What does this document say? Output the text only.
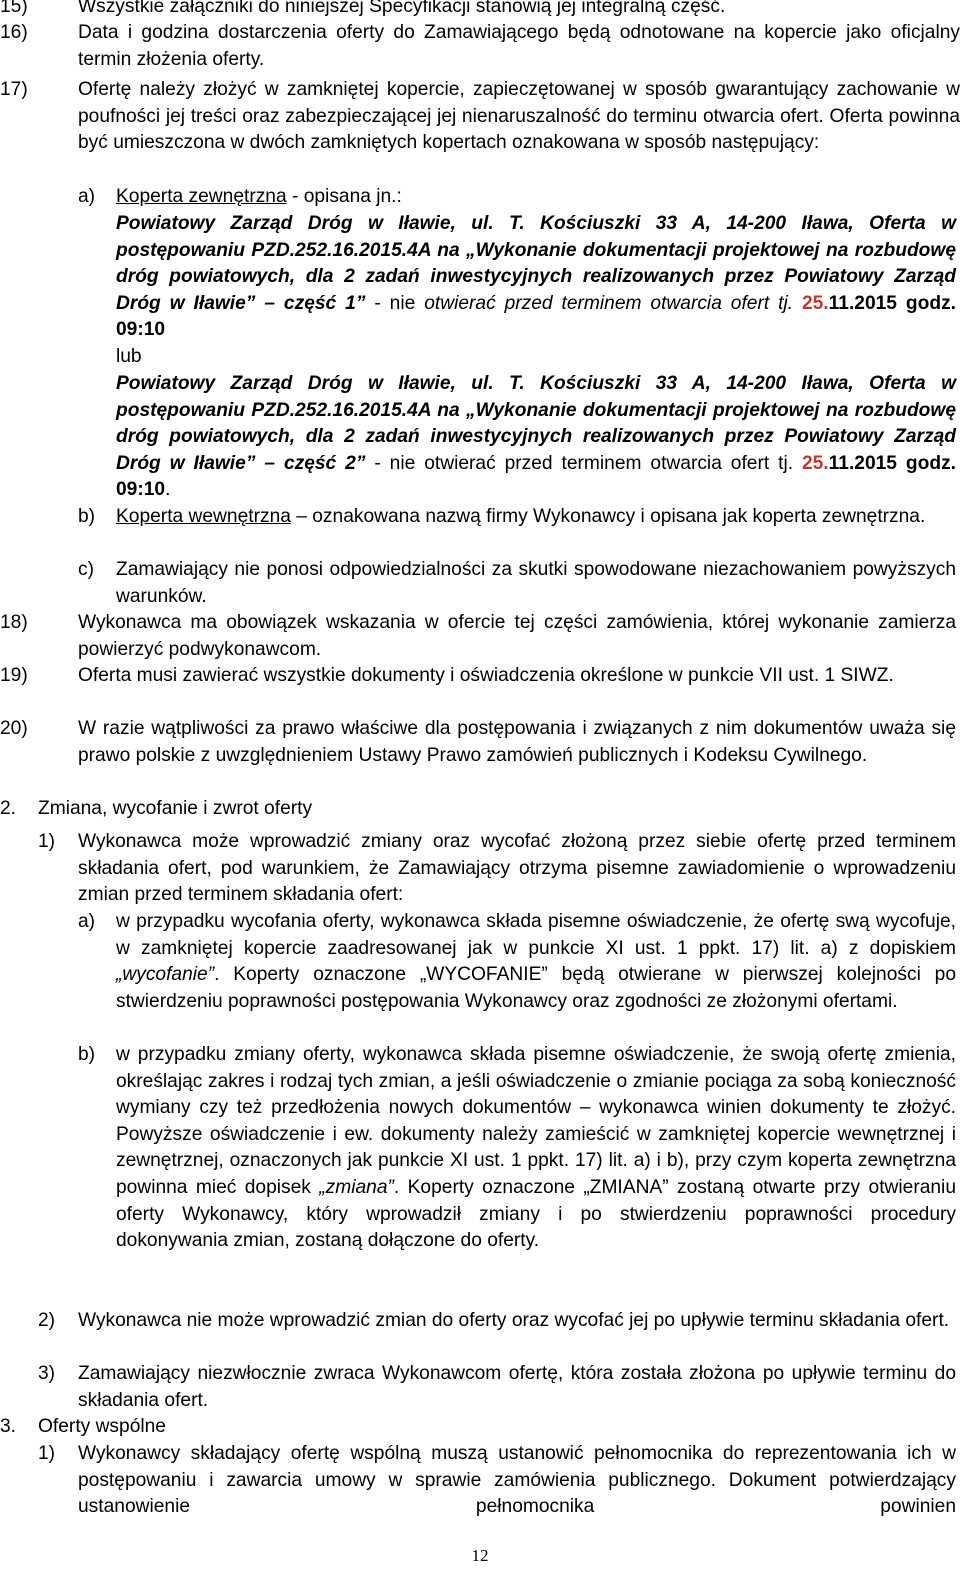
15)	Wszystkie załączniki do niniejszej Specyfikacji stanowią jej integralną część.
16)	Data i godzina dostarczenia oferty do Zamawiającego będą odnotowane na kopercie jako oficjalny termin złożenia oferty.
17)	Ofertę należy złożyć w zamkniętej kopercie, zapieczętowanej w sposób gwarantujący zachowanie w poufności jej treści oraz zabezpieczającej jej nienaruszalność do terminu otwarcia ofert. Oferta powinna być umieszczona w dwóch zamkniętych kopertach oznakowana w sposób następujący:
a)	Koperta zewnętrzna - opisana jn.:
Powiatowy Zarząd Dróg w Iławie, ul. T. Kościuszki 33 A, 14-200 Iława, Oferta w postępowaniu PZD.252.16.2015.4A na „Wykonanie dokumentacji projektowej na rozbudowę dróg powiatowych, dla 2 zadań inwestycyjnych realizowanych przez Powiatowy Zarząd Dróg w Iławie” – część 1” - nie otwierać przed terminem otwarcia ofert tj. 25.11.2015 godz. 09:10
lub
Powiatowy Zarząd Dróg w Iławie, ul. T. Kościuszki 33 A, 14-200 Iława, Oferta w postępowaniu PZD.252.16.2015.4A na „Wykonanie dokumentacji projektowej na rozbudowę dróg powiatowych, dla 2 zadań inwestycyjnych realizowanych przez Powiatowy Zarząd Dróg w Iławie” – część 2” - nie otwierać przed terminem otwarcia ofert tj. 25.11.2015 godz. 09:10.
b)	Koperta wewnętrzna – oznakowana nazwą firmy Wykonawcy i opisana jak koperta zewnętrzna.
c)	Zamawiający nie ponosi odpowiedzialności za skutki spowodowane niezachowaniem powyższych warunków.
18)	Wykonawca ma obowiązek wskazania w ofercie tej części zamówienia, której wykonanie zamierza powierzyć podwykonawcom.
19)	Oferta musi zawierać wszystkie dokumenty i oświadczenia określone w punkcie VII ust. 1 SIWZ.
20)	W razie wątpliwości za prawo właściwe dla postępowania i związanych z nim dokumentów uważa się prawo polskie z uwzględnieniem Ustawy Prawo zamówień publicznych i Kodeksu Cywilnego.
2.	Zmiana, wycofanie i zwrot oferty
1)	Wykonawca może wprowadzić zmiany oraz wycofać złożoną przez siebie ofertę przed terminem składania ofert, pod warunkiem, że Zamawiający otrzyma pisemne zawiadomienie o wprowadzeniu zmian przed terminem składania ofert:
a)	w przypadku wycofania oferty, wykonawca składa pisemne oświadczenie, że ofertę swą wycofuje, w zamkniętej kopercie zaadresowanej jak w punkcie XI ust. 1 ppkt. 17) lit. a) z dopiskiem „wycofanie”. Koperty oznaczone „WYCOFANIE” będą otwierane w pierwszej kolejności po stwierdzeniu poprawności postępowania Wykonawcy oraz zgodności ze złożonymi ofertami.
b)	w przypadku zmiany oferty, wykonawca składa pisemne oświadczenie, że swoją ofertę zmienia, określając zakres i rodzaj tych zmian, a jeśli oświadczenie o zmianie pociąga za sobą konieczność wymiany czy też przedłożenia nowych dokumentów – wykonawca winien dokumenty te złożyć. Powyższe oświadczenie i ew. dokumenty należy zamieścić w zamkniętej kopercie wewnętrznej i zewnętrznej, oznaczonych jak punkcie XI ust. 1 ppkt. 17) lit. a) i b), przy czym koperta zewnętrzna powinna mieć dopisek „zmiana”. Koperty oznaczone „ZMIANA” zostaną otwarte przy otwieraniu oferty Wykonawcy, który wprowadził zmiany i po stwierdzeniu poprawności procedury dokonywania zmian, zostaną dołączone do oferty.
2)	Wykonawca nie może wprowadzić zmian do oferty oraz wycofać jej po upływie terminu składania ofert.
3)	Zamawiający niezwłocznie zwraca Wykonawcom ofertę, która została złożona po upływie terminu do składania ofert.
3.	Oferty wspólne
1)	Wykonawcy składający ofertę wspólną muszą ustanowić pełnomocnika do reprezentowania ich w postępowaniu i zawarcia umowy w sprawie zamówienia publicznego. Dokument potwierdzający ustanowienie pełnomocnika powinien
12
